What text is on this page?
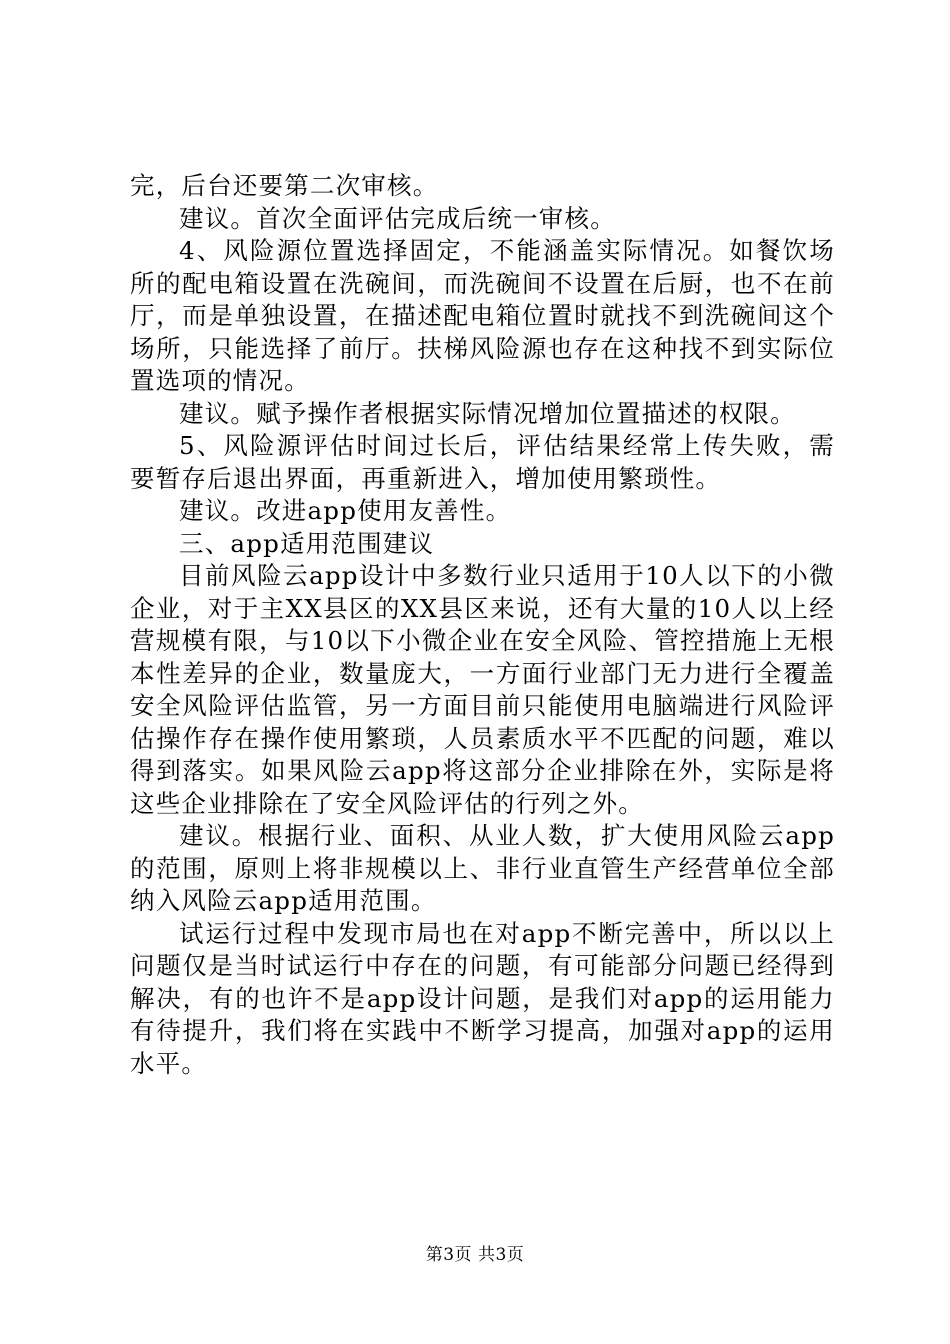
完，后台还要第二次审核。

建议。首次全面评估完成后统一审核。

4、风险源位置选择固定，不能涵盖实际情况。如餐饮场所的配电箱设置在洗碗间，而洗碗间不设置在后厨，也不在前厅，而是单独设置，在描述配电箱位置时就找不到洗碗间这个场所，只能选择了前厅。扶梯风险源也存在这种找不到实际位置选项的情况。

建议。赋予操作者根据实际情况增加位置描述的权限。

5、风险源评估时间过长后，评估结果经常上传失败，需要暂存后退出界面，再重新进入，增加使用繁琐性。

建议。改进app使用友善性。

三、app适用范围建议

目前风险云app设计中多数行业只适用于10人以下的小微企业，对于主XX县区的XX县区来说，还有大量的10人以上经营规模有限，与10以下小微企业在安全风险、管控措施上无根本性差异的企业，数量庞大，一方面行业部门无力进行全覆盖安全风险评估监管，另一方面目前只能使用电脑端进行风险评估操作存在操作使用繁琐，人员素质水平不匹配的问题，难以得到落实。如果风险云app将这部分企业排除在外，实际是将这些企业排除在了安全风险评估的行列之外。

建议。根据行业、面积、从业人数，扩大使用风险云app的范围，原则上将非规模以上、非行业直管生产经营单位全部纳入风险云app适用范围。

试运行过程中发现市局也在对app不断完善中，所以以上问题仅是当时试运行中存在的问题，有可能部分问题已经得到解决，有的也许不是app设计问题，是我们对app的运用能力有待提升，我们将在实践中不断学习提高，加强对app的运用水平。

第3页 共3页
